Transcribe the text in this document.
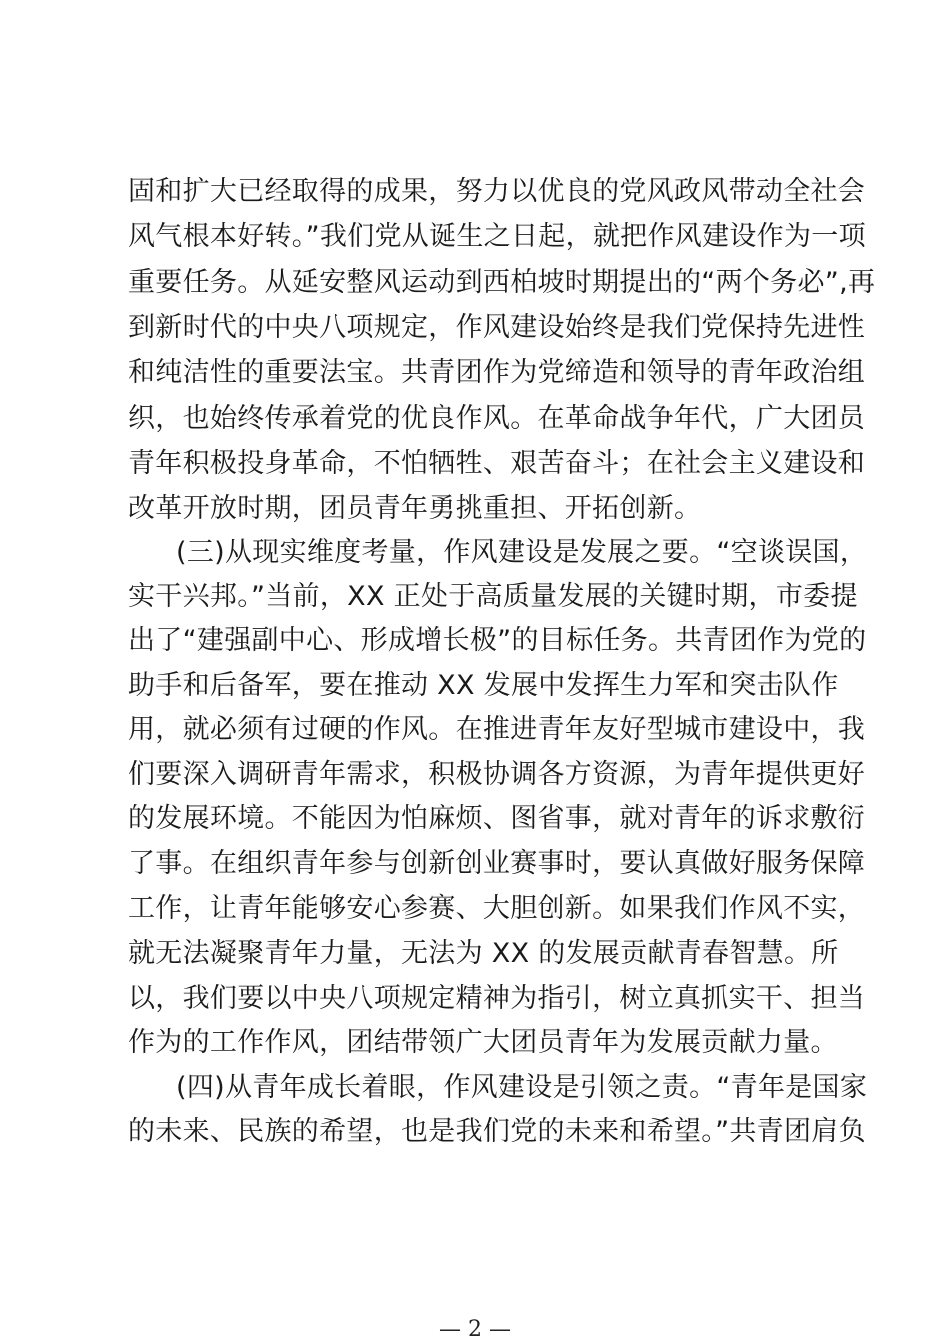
固和扩大已经取得的成果，努力以优良的党风政风带动全社会
风气根本好转。”我们党从诞生之日起，就把作风建设作为一项
重要任务。从延安整风运动到西柏坡时期提出的“两个务必”,再
到新时代的中央八项规定，作风建设始终是我们党保持先进性
和纯洁性的重要法宝。共青团作为党缔造和领导的青年政治组
织，也始终传承着党的优良作风。在革命战争年代，广大团员
青年积极投身革命，不怕牺牲、艰苦奋斗；在社会主义建设和
改革开放时期，团员青年勇挑重担、开拓创新。
(三)从现实维度考量，作风建设是发展之要。“空谈误国，
实干兴邦。”当前，XX 正处于高质量发展的关键时期，市委提
出了“建强副中心、形成增长极”的目标任务。共青团作为党的
助手和后备军，要在推动 XX 发展中发挥生力军和突击队作
用，就必须有过硬的作风。在推进青年友好型城市建设中，我
们要深入调研青年需求，积极协调各方资源，为青年提供更好
的发展环境。不能因为怕麻烦、图省事，就对青年的诉求敷衍
了事。在组织青年参与创新创业赛事时，要认真做好服务保障
工作，让青年能够安心参赛、大胆创新。如果我们作风不实，
就无法凝聚青年力量，无法为 XX 的发展贡献青春智慧。所
以，我们要以中央八项规定精神为指引，树立真抓实干、担当
作为的工作作风，团结带领广大团员青年为发展贡献力量。
(四)从青年成长着眼，作风建设是引领之责。“青年是国家
的未来、民族的希望，也是我们党的未来和希望。”共青团肩负
— 2 —
